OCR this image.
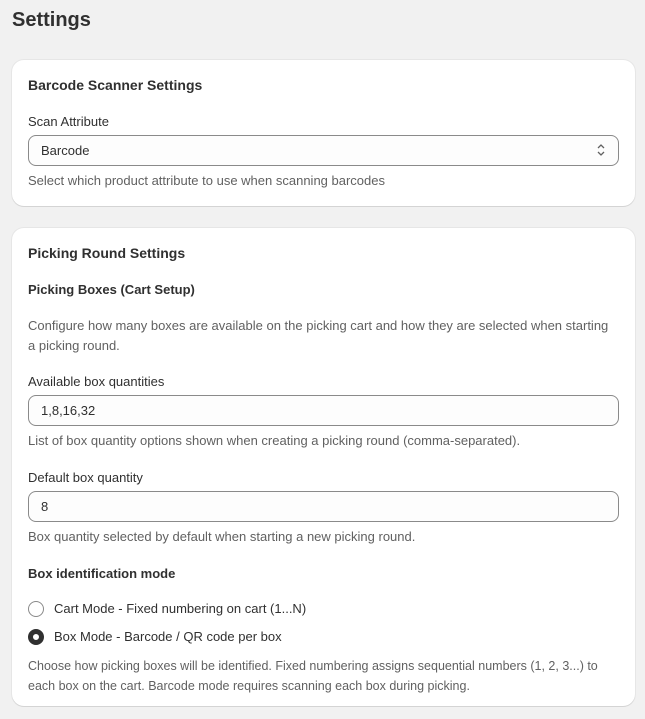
Settings
Barcode Scanner Settings
Scan Attribute
Barcode
Select which product attribute to use when scanning barcodes
Picking Round Settings
Picking Boxes (Cart Setup)
Configure how many boxes are available on the picking cart and how they are selected when starting a picking round.
Available box quantities
1,8,16,32
List of box quantity options shown when creating a picking round (comma-separated).
Default box quantity
8
Box quantity selected by default when starting a new picking round.
Box identification mode
Cart Mode - Fixed numbering on cart (1...N)
Box Mode - Barcode / QR code per box
Choose how picking boxes will be identified. Fixed numbering assigns sequential numbers (1, 2, 3...) to each box on the cart. Barcode mode requires scanning each box during picking.
